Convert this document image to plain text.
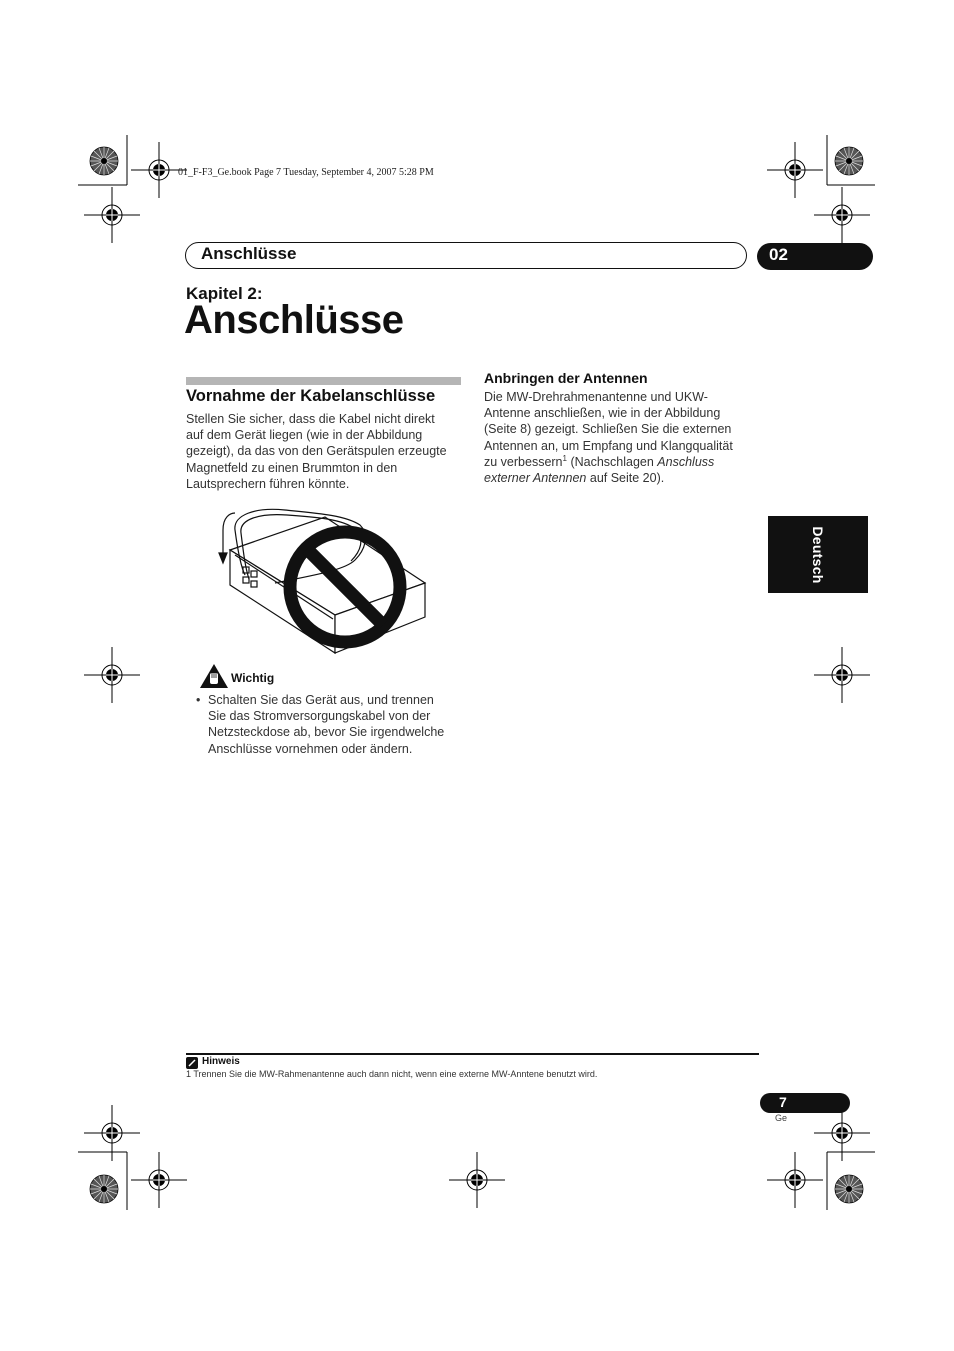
01_F-F3_Ge.book Page 7 Tuesday, September 4, 2007 5:28 PM
Anschlüsse	02
Kapitel 2:
Anschlüsse
Vornahme der Kabelanschlüsse
Stellen Sie sicher, dass die Kabel nicht direkt
auf dem Gerät liegen (wie in der Abbildung
gezeigt), da das von den Gerätspulen erzeugte
Magnetfeld zu einen Brummton in den
Lautsprechern führen könnte.
Wichtig
• Schalten Sie das Gerät aus, und trennen
Sie das Stromversorgungskabel von der
Netzsteckdose ab, bevor Sie irgendwelche
Anschlüsse vornehmen oder ändern.
Anbringen der Antennen
Die MW-Drehrahmenantenne und UKW-
Antenne anschließen, wie in der Abbildung
(Seite 8) gezeigt. Schließen Sie die externen
Antennen an, um Empfang und Klangqualität
zu verbessern$^1$ (Nachschlagen Anschluss
externer Antennen auf Seite 20).
Deutsch
Hinweis
1 Trennen Sie die MW-Rahmenantenne auch dann nicht, wenn eine externe MW-Anntene benutzt wird.
7
Ge
